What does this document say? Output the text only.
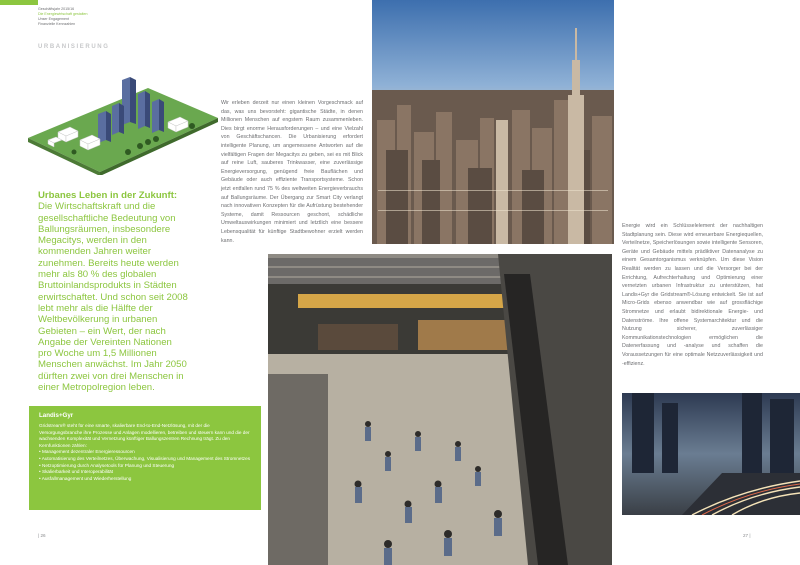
Geschäftsjahr 2015/16
Die Energiewirtschaft gestalten
Unser Engagement
Finanzielle Kennzahlen
URBANISIERUNG
Urbanes Leben in der Zukunft:
Die Wirtschaftskraft und die gesellschaftliche Bedeutung von Ballungsräumen, insbesondere Megacitys, werden in den kommenden Jahren weiter zunehmen. Bereits heute werden mehr als 80 % des globalen Bruttoinlandsprodukts in Städten erwirtschaftet. Und schon seit 2008 lebt mehr als die Hälfte der Weltbevölkerung in urbanen Gebieten – ein Wert, der nach Angabe der Vereinten Nationen pro Woche um 1,5 Millionen Menschen anwächst. Im Jahr 2050 dürften zwei von drei Menschen in einer Metropolregion leben.
Wir erleben derzeit nur einen kleinen Vorgeschmack auf das, was uns bevorsteht: gigantische Städte, in denen Millionen Menschen auf engstem Raum zusammenleben. Dies birgt enorme Herausforderungen – und eine Vielzahl von Geschäftschancen. Die Urbanisierung erfordert intelligente Planung, um angemessene Antworten auf die vielfältigen Fragen der Megacitys zu geben, sei es mit Blick auf reine Luft, sauberes Trinkwasser, eine zuverlässige Energieversorgung, genügend freie Bauflächen und Gebäude oder auch effiziente Transportsysteme. Schon jetzt entfallen rund 75 % des weltweiten Energieverbrauchs auf Ballungsräume. Der Übergang zur Smart City verlangt nach innovativen Konzepten für die Aufrüstung bestehender Systeme, damit Ressourcen geschont, schädliche Umweltauswirkungen minimiert und letztlich eine bessere Lebensqualität für künftige Stadtbewohner erzielt werden kann.
Energie wird ein Schlüsselelement der nachhaltigen Stadtplanung sein. Diese wird erneuerbare Energiequellen, Verteilnetze, Speicherlösungen sowie intelligente Sensoren, Geräte und Gebäude mittels prädiktiver Datenanalyse zu einem Gesamtorganismus verknüpfen. Um diese Vision Realität werden zu lassen und die Versorger bei der Errichtung, Aufrechterhaltung und Optimierung einer vernetzten urbanen Infrastruktur zu unterstützen, hat Landis+Gyr die Gridstream®-Lösung entwickelt. Sie ist auf Micro-Grids ebenso anwendbar wie auf grossflächige Stromnetze und erlaubt bidirektionale Energie- und Datenströme. Ihre offene Systemarchitektur und die Nutzung sicherer, zuverlässiger Kommunikationstechnologien ermöglichen die Datenerfassung und -analyse und schaffen die Voraussetzungen für eine optimale Netzzuverlässigkeit und -effizienz.
Landis+Gyr
Gridstream® steht für eine smarte, skalierbare End-to-End-Netzlösung, mit der die Versorgungsbranche ihre Prozesse und Anlagen modellieren, betreiben und steuern kann und die der wachsenden Komplexität und Vernetzung künftiger Ballungszentren Rechnung trägt. Zu den Kernfunktionen zählen:
• Management dezentraler Energieressourcen
• Automatisierung des Verteilnetzes, Überwachung, Visualisierung und Management des Stromnetzes
• Netzoptimierung durch Analysetools für Planung und Steuerung
• Skalierbarkeit und Interoperabilität
• Ausfallmanagement und Wiederherstellung
| 26	27 |
